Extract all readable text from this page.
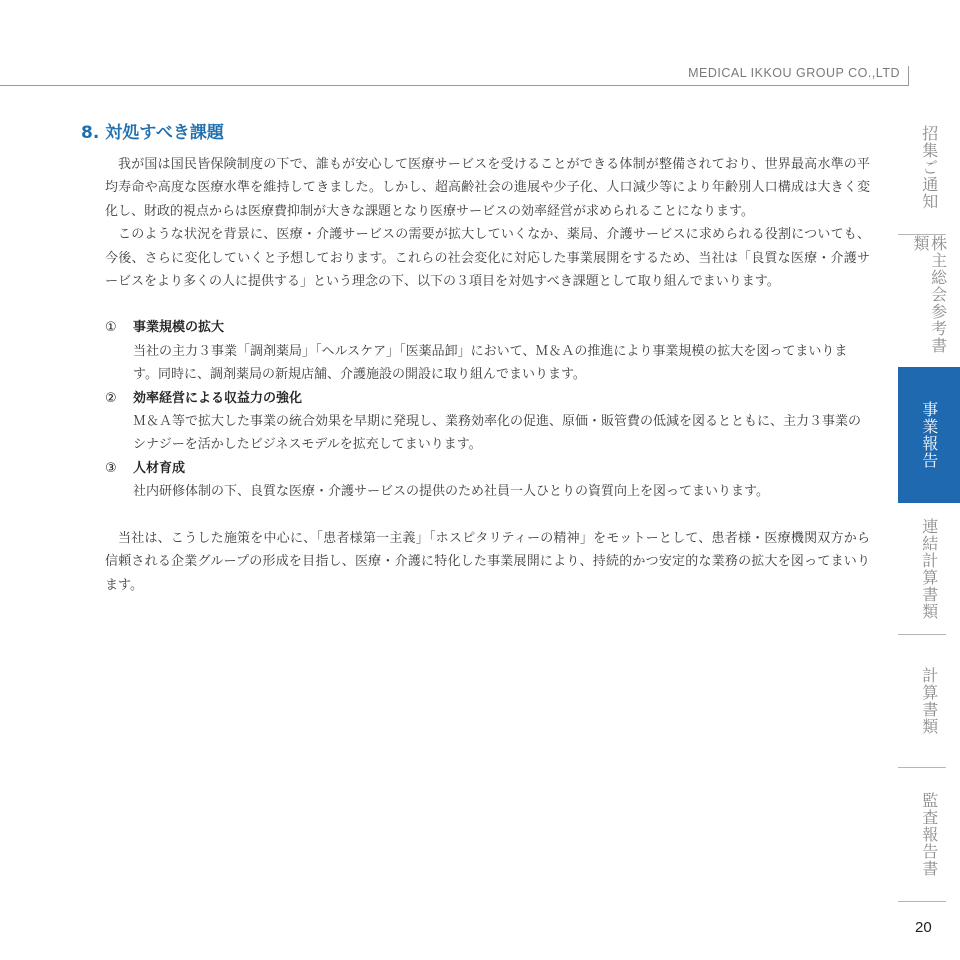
MEDICAL IKKOU GROUP CO.,LTD
8. 対処すべき課題

我が国は国民皆保険制度の下で、誰もが安心して医療サービスを受けることができる体制が整備されており、世界最高水準の平均寿命や高度な医療水準を維持してきました。しかし、超高齢社会の進展や少子化、人口減少等により年齢別人口構成は大きく変化し、財政的視点からは医療費抑制が大きな課題となり医療サービスの効率経営が求められることになります。

このような状況を背景に、医療・介護サービスの需要が拡大していくなか、薬局、介護サービスに求められる役割についても、今後、さらに変化していくと予想しております。これらの社会変化に対応した事業展開をするため、当社は「良質な医療・介護サービスをより多くの人に提供する」という理念の下、以下の３項目を対処すべき課題として取り組んでまいります。

①	事業規模の拡大
当社の主力３事業「調剤薬局」「ヘルスケア」「医薬品卸」において、Ｍ＆Ａの推進により事業規模の拡大を図ってまいります。同時に、調剤薬局の新規店舗、介護施設の開設に取り組んでまいります。
②	効率経営による収益力の強化
Ｍ＆Ａ等で拡大した事業の統合効果を早期に発現し、業務効率化の促進、原価・販管費の低減を図るとともに、主力３事業のシナジーを活かしたビジネスモデルを拡充してまいります。
③	人材育成
社内研修体制の下、良質な医療・介護サービスの提供のため社員一人ひとりの資質向上を図ってまいります。

当社は、こうした施策を中心に、「患者様第一主義」「ホスピタリティーの精神」をモットーとして、患者様・医療機関双方から信頼される企業グループの形成を目指し、医療・介護に特化した事業展開により、持続的かつ安定的な業務の拡大を図ってまいります。

招集ご通知
株主総会参考書類
事業報告
連結計算書類
計算書類
監査報告書
20
